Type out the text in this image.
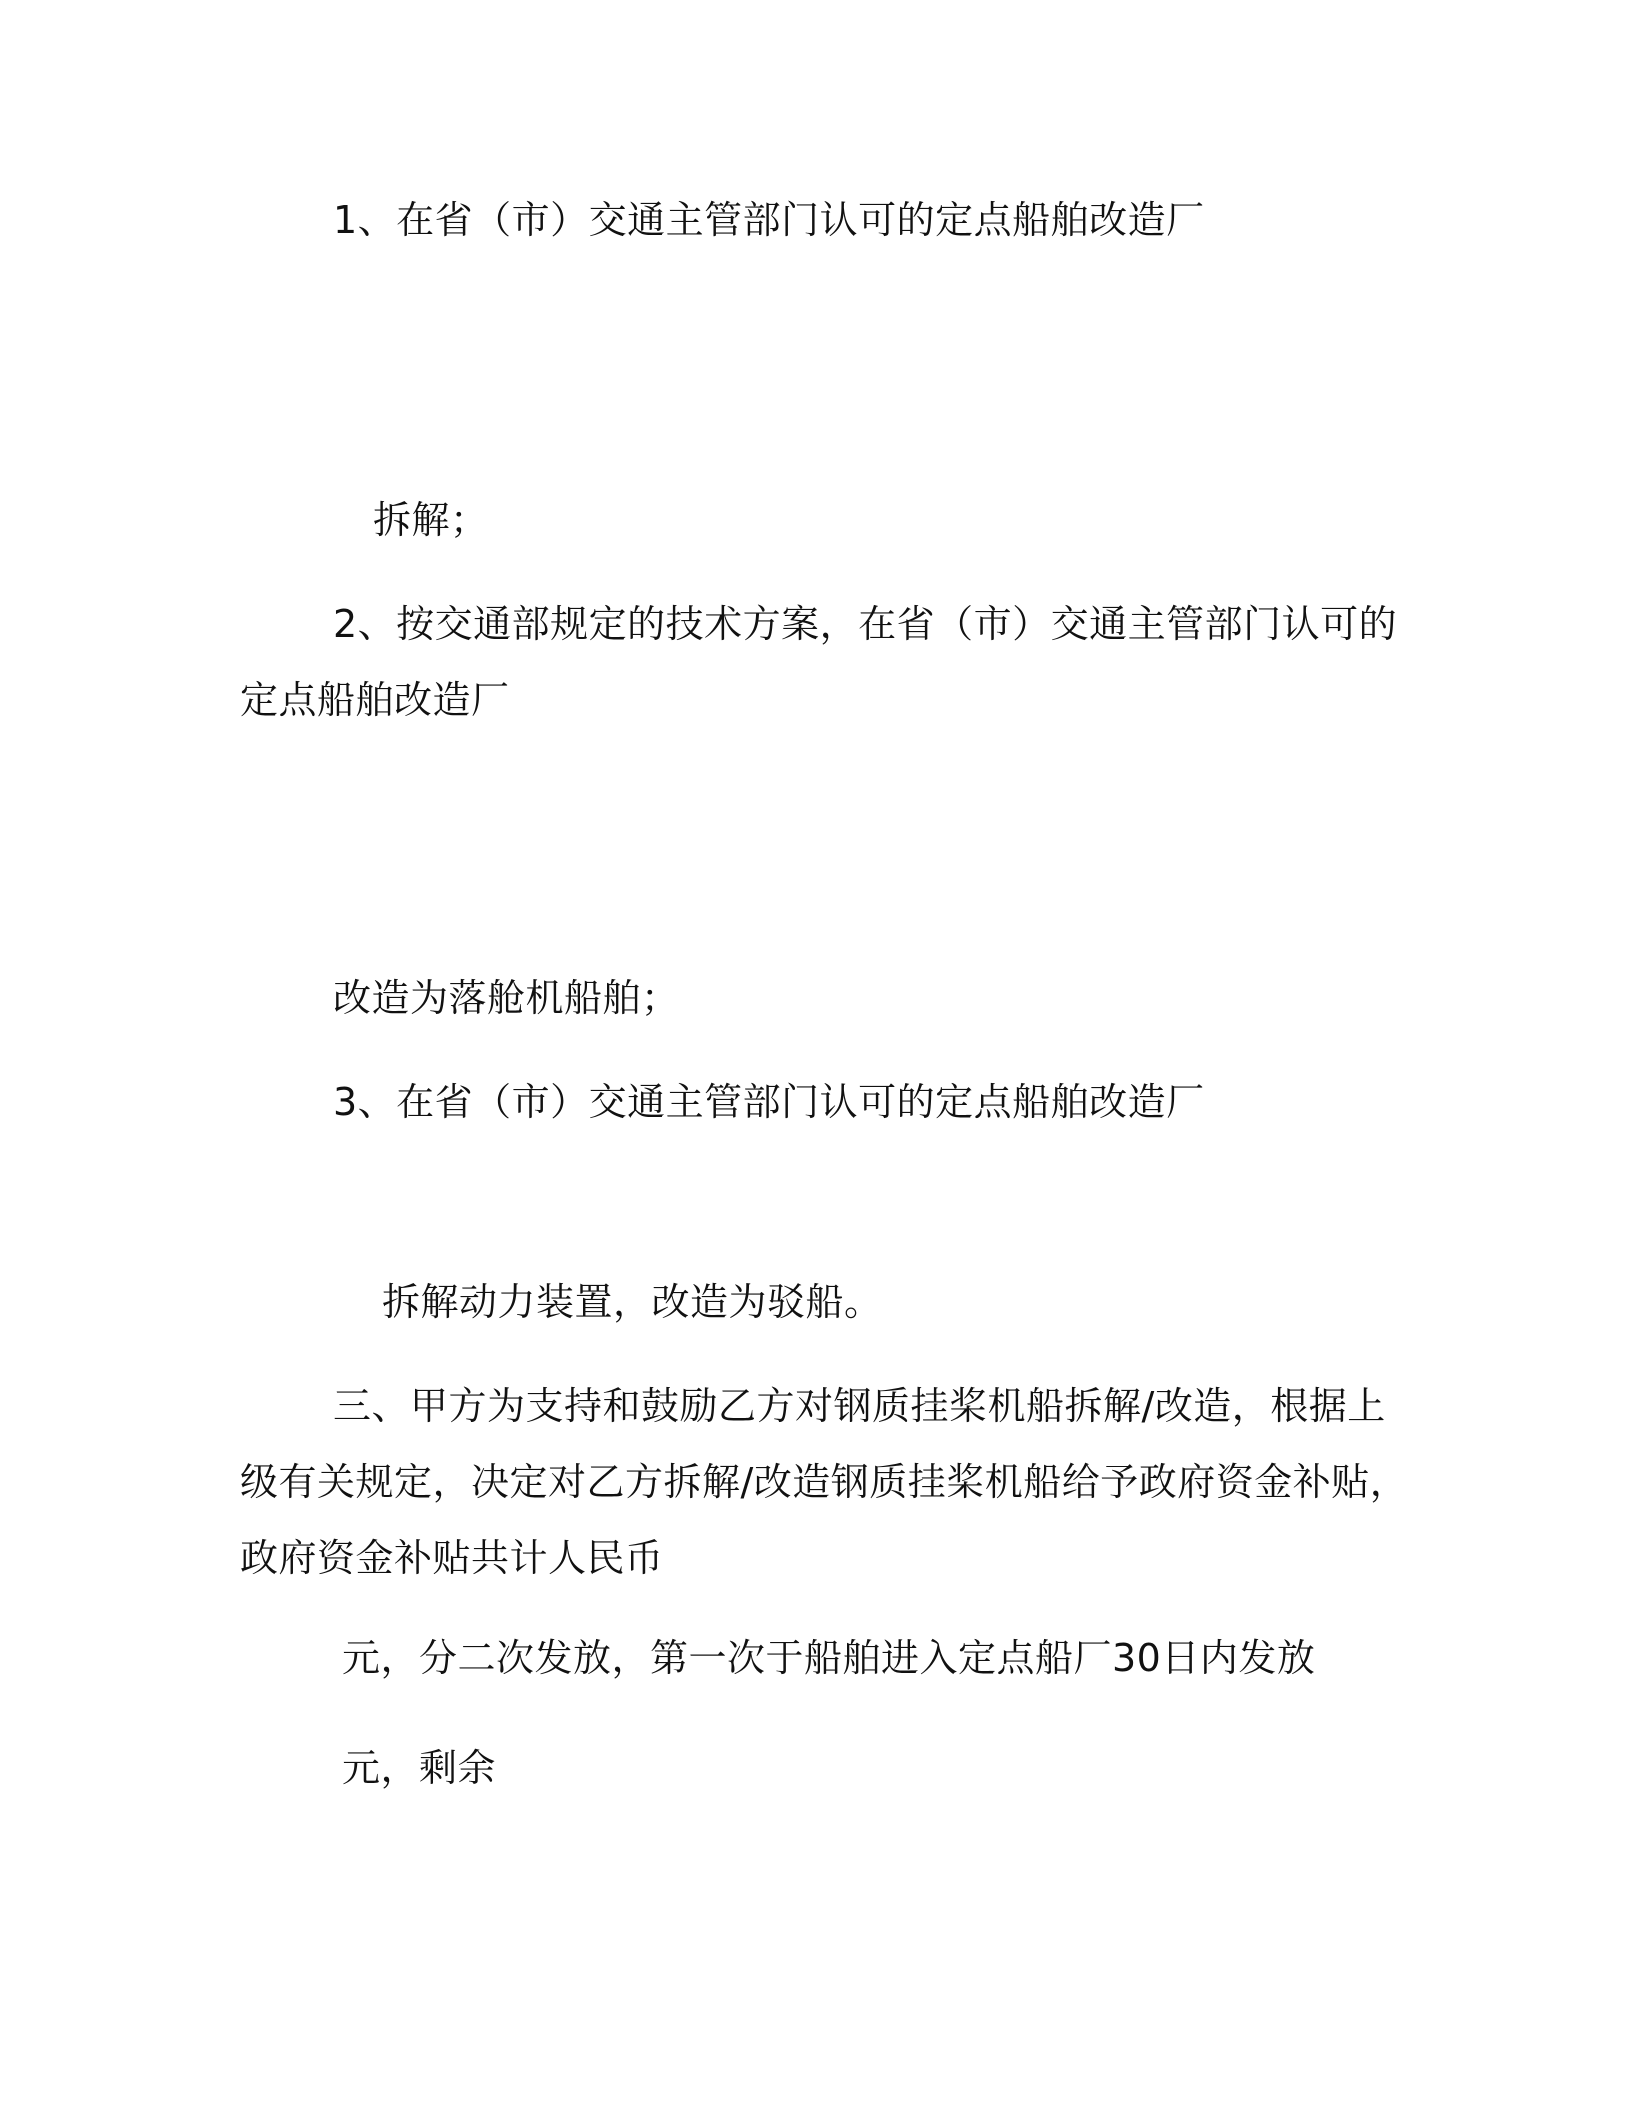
1、在省（市）交通主管部门认可的定点船舶改造厂
拆解；
2、按交通部规定的技术方案，在省（市）交通主管部门认可的
定点船舶改造厂
改造为落舱机船舶；
3、在省（市）交通主管部门认可的定点船舶改造厂
拆解动力装置，改造为驳船。
三、甲方为支持和鼓励乙方对钢质挂桨机船拆解/改造，根据上
级有关规定，决定对乙方拆解/改造钢质挂桨机船给予政府资金补贴，
政府资金补贴共计人民币
元，分二次发放，第一次于船舶进入定点船厂30日内发放
元，剩余
